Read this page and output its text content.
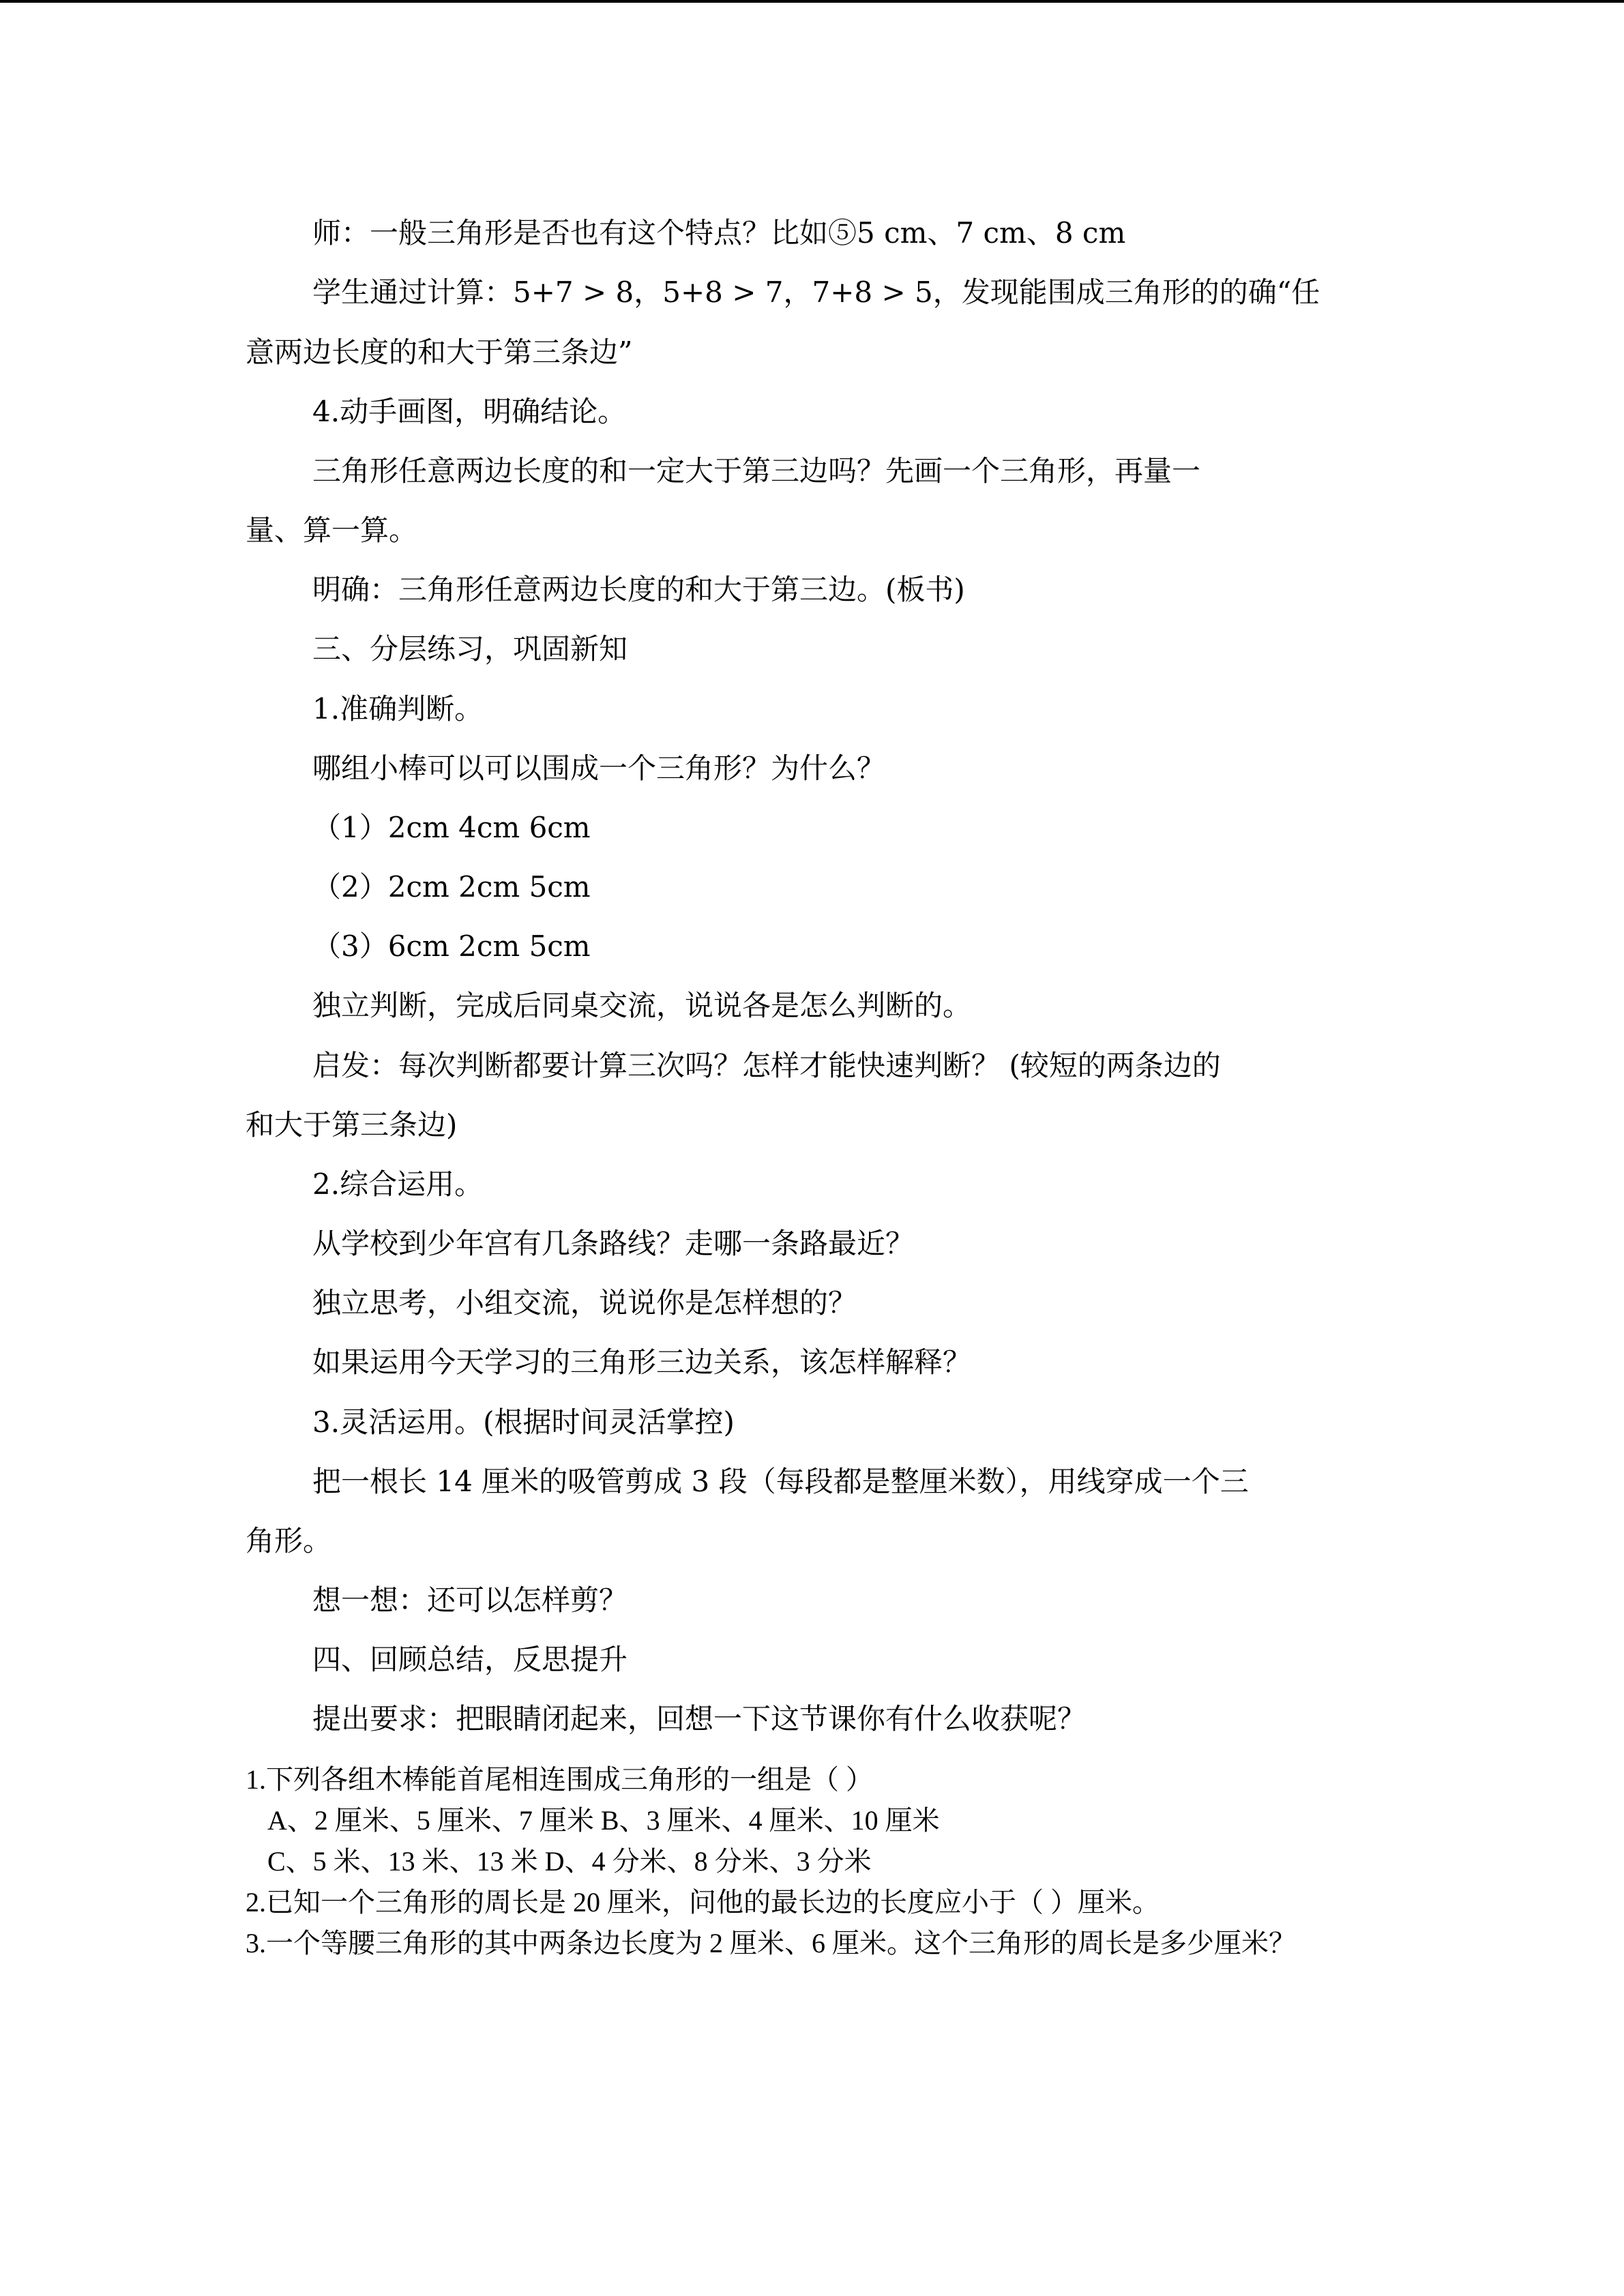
师：一般三角形是否也有这个特点？比如⑤5 cm、7 cm、8 cm

学生通过计算：5+7 > 8，5+8 > 7，7+8 > 5，发现能围成三角形的的确“任

意两边长度的和大于第三条边”

4.动手画图，明确结论。

三角形任意两边长度的和一定大于第三边吗？先画一个三角形，再量一

量、算一算。

明确：三角形任意两边长度的和大于第三边。(板书)

三、分层练习，巩固新知

1.准确判断。

哪组小棒可以可以围成一个三角形？为什么？

（1）2cm 4cm 6cm

（2）2cm 2cm 5cm

（3）6cm 2cm 5cm

独立判断，完成后同桌交流，说说各是怎么判断的。

启发：每次判断都要计算三次吗？怎样才能快速判断？ (较短的两条边的

和大于第三条边)

2.综合运用。

从学校到少年宫有几条路线？走哪一条路最近？

独立思考，小组交流，说说你是怎样想的？

如果运用今天学习的三角形三边关系，该怎样解释？

3.灵活运用。(根据时间灵活掌控)

把一根长 14 厘米的吸管剪成 3 段（每段都是整厘米数），用线穿成一个三

角形。

想一想：还可以怎样剪？

四、回顾总结，反思提升

提出要求：把眼睛闭起来，回想一下这节课你有什么收获呢？

1.下列各组木棒能首尾相连围成三角形的一组是（ ）

A、2 厘米、5 厘米、7 厘米 B、3 厘米、4 厘米、10 厘米

C、5 米、13 米、13 米 D、4 分米、8 分米、3 分米

2.已知一个三角形的周长是 20 厘米，问他的最长边的长度应小于（ ）厘米。

3.一个等腰三角形的其中两条边长度为 2 厘米、6 厘米。这个三角形的周长是多少厘米？
